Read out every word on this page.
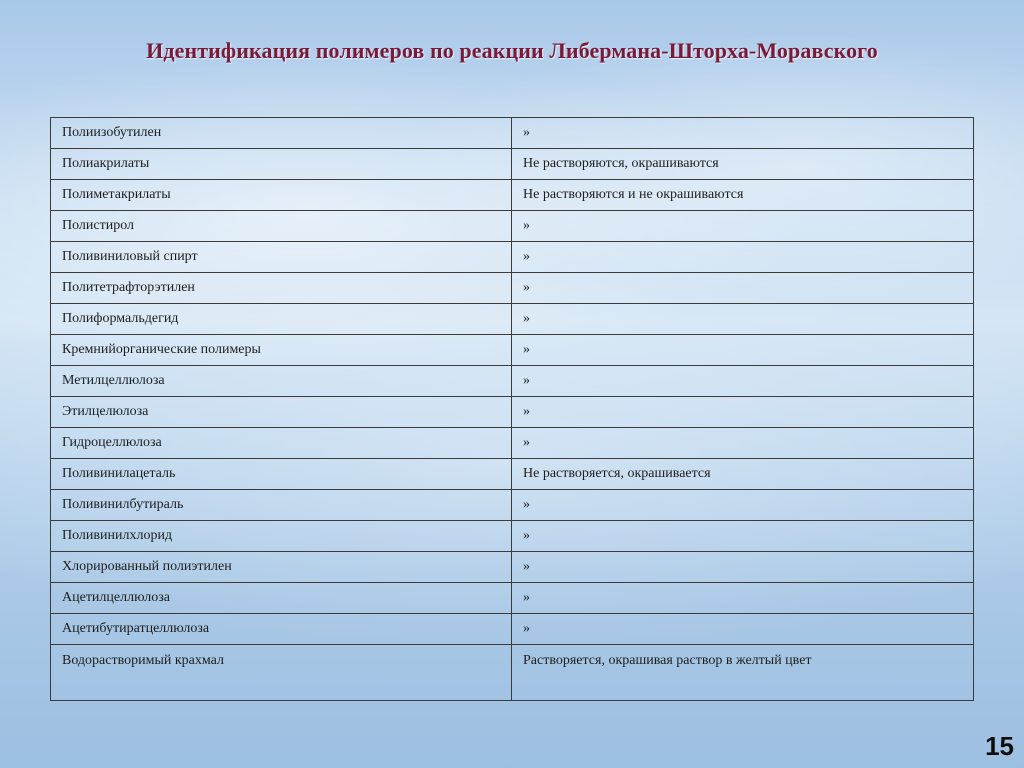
Идентификация полимеров по реакции Либермана-Шторха-Моравского
Полиизобутилен	»
Полиакрилаты	Не растворяются, окрашиваются
Полиметакрилаты	Не растворяются и не окрашиваются
Полистирол	»
Поливиниловый спирт	»
Политетрафторэтилен	»
Полиформальдегид	»
Кремнийорганические полимеры	»
Метилцеллюлоза	»
Этилцелюлоза	»
Гидроцеллюлоза	»
Поливинилацеталь	Не растворяется, окрашивается
Поливинилбутираль	»
Поливинилхлорид	»
Хлорированный полиэтилен	»
Ацетилцеллюлоза	»
Ацетибутиратцеллюлоза	»
Водорастворимый крахмал	Растворяется, окрашивая раствор в желтый цвет
15
